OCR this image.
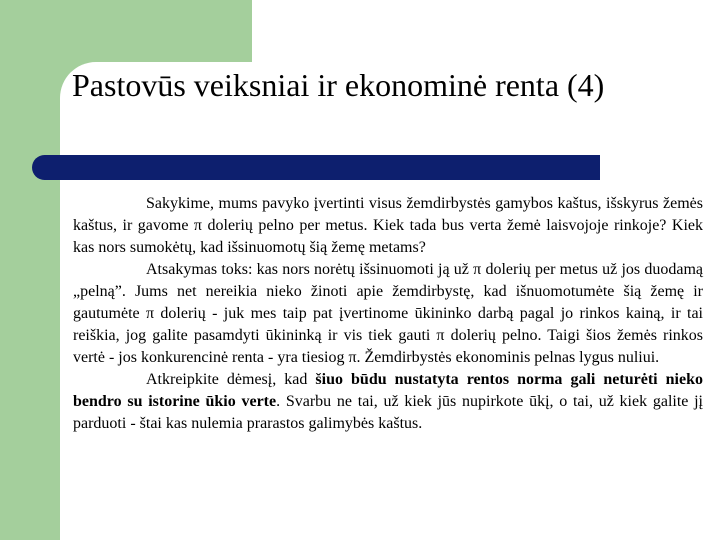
Pastovūs veiksniai ir ekonominė renta (4)

Sakykime, mums pavyko įvertinti visus žemdirbystės gamybos kaštus, išskyrus žemės kaštus, ir gavome π dolerių pelno per metus. Kiek tada bus verta žemė laisvojoje rinkoje? Kiek kas nors sumokėtų, kad išsinuomotų šią žemę metams?

Atsakymas toks: kas nors norėtų išsinuomoti ją už π dolerių per metus už jos duodamą „pelną”. Jums net nereikia nieko žinoti apie žemdirbystę, kad išnuomotumėte šią žemę ir gautumėte π dolerių - juk mes taip pat įvertinome ūkininko darbą pagal jo rinkos kainą, ir tai reiškia, jog galite pasamdyti ūkininką ir vis tiek gauti π dolerių pelno. Taigi šios žemės rinkos vertė - jos konkurencinė renta - yra tiesiog π. Žemdirbystės ekonominis pelnas lygus nuliui.

Atkreipkite dėmesį, kad šiuo būdu nustatyta rentos norma gali neturėti nieko bendro su istorine ūkio verte. Svarbu ne tai, už kiek jūs nupirkote ūkį, o tai, už kiek galite jį parduoti - štai kas nulemia prarastos galimybės kaštus.
